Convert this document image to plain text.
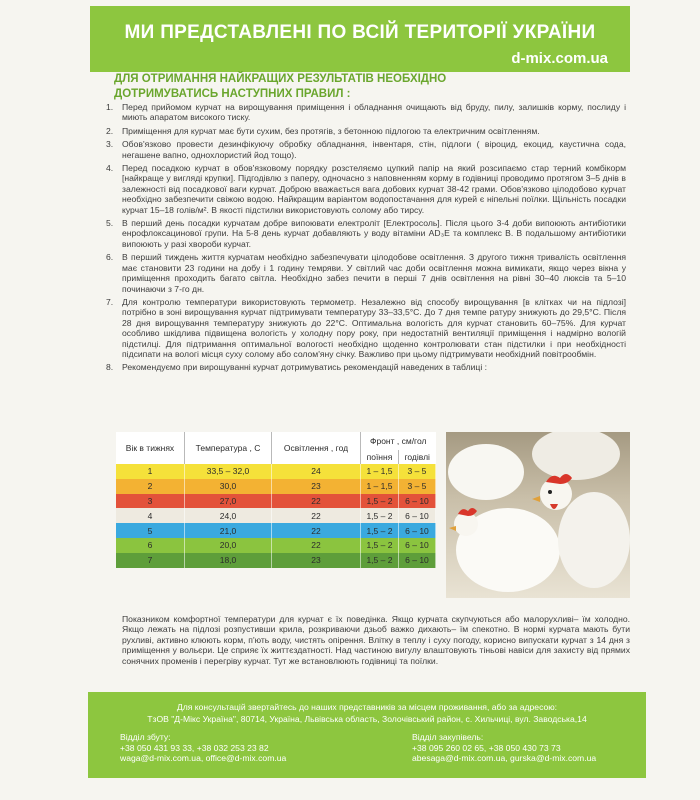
МИ ПРЕДСТАВЛЕНІ ПО ВСІЙ ТЕРИТОРІЇ УКРАЇНИ
d-mix.com.ua
ДЛЯ ОТРИМАННЯ НАЙКРАЩИХ РЕЗУЛЬТАТІВ НЕОБХІДНО
ДОТРИМУВАТИСЬ НАСТУПНИХ ПРАВИЛ :
1. Перед прийомом курчат на вирощування приміщення і обладнання очищають від бруду, пилу, залишків корму, послиду і миють апаратом високого тиску.
2. Приміщення для курчат має бути сухим, без протягів, з бетонною підлогою та електричним освітленням.
3. Обов'язково провести дезинфікуючу обробку обладнання, інвентаря, стін, підлоги ( віроцид, екоцид, каустична сода, негашене вапно, однохлористий йод тощо).
4. Перед посадкою курчат в обов'язковому порядку розстеляємо цупкий папір на який розсипаємо стар терний комбікорм [найкраще у вигляді крупки]. Підгодівлю з паперу, одночасно з наповненням корму в годівниці проводимо протягом 3–5 днів в залежності від посадкової ваги курчат. Доброю вважається вага добових курчат 38-42 грами. Обов'язково цілодобово курчат необхідно забезпечити свіжою водою. Найкращим варіантом водопостачання для курей є ніпельні поїлки. Щільність посадки курчат 15–18 голів/м². В якості підстилки використовують солому або тирсу.
5. В перший день посадки курчатам добре випоювати електроліт [Електросоль]. Після цього 3-4 доби випоюють антибіотики енрофлоксацинової групи. На 5-8 день курчат добавляють у воду вітаміни AD₃E та комплекс B. В подальшому антибіотики випоюють у разі хвороби курчат.
6. В перший тиждень життя курчатам необхідно забезпечувати цілодобове освітлення. З другого тижня тривалість освітлення має становити 23 години на добу і 1 годину темряви. У світлий час доби освітлення можна вимикати, якщо через вікна у приміщення проходить багато світла. Необхідно забез печити в перші 7 днів освітлення на рівні 30–40 люксів та 5–10 починаючи з 7-го дн.
7. Для контролю температури використовують термометр. Незалежно від способу вирощування [в клітках чи на підлозі] потрібно в зоні вирощування курчат підтримувати температуру 33–33,5°С. До 7 дня темпе ратуру знижують до 29,5°С. Після 28 дня вирощування температуру знижують до 22°С. Оптимальна вологість для курчат становить 60–75%. Для курчат особливо шкідлива підвищена вологість у холодну пору року, при недостатній вентиляції приміщення і надмірно вологій підстилці. Для підтримання оптимальної вологості необхідно щоденно контролювати стан підстилки і при необхідності підсипати на вологі місця суху солому або солом'яну січку. Важливо при цьому підтримувати необхідний повітрообмін.
8. Рекомендуємо при вирощуванні курчат дотримуватись рекомендацій наведених в таблиці :
Вік в тижнях	Температура , С	Освітлення , год	Фронт , см/гол	
			поїння	годівлі
1	33,5 – 32,0	24	1 – 1,5	3 – 5
2	30,0	23	1 – 1,5	3 – 5
3	27,0	22	1,5 – 2	6 – 10
4	24,0	22	1,5 – 2	6 – 10
5	21,0	22	1,5 – 2	6 – 10
6	20,0	22	1,5 – 2	6 – 10
7	18,0	23	1,5 – 2	6 – 10
Показником комфортної температури для курчат є їх поведінка. Якщо курчата скупчуються або малорухливі– їм холодно. Якщо лежать на підлозі розпустивши крила, розкриваючи дзьоб важко дихають– їм спекотно. В нормі курчата мають бути рухливі, активно клюють корм, п'ють воду, чистять опірення. Влітку в теплу і суху погоду, корисно випускати курчат з 14 дня з приміщення у вольєри. Це сприяє їх життєздатності. Над частиною вигулу влаштовують тіньові навіси для захисту від прямих сонячних променів і перегріву курчат. Тут же встановлюють годівниці та поїлки.
Для консультацій звертайтесь до наших представників за місцем проживання, або за адресою:
ТзОВ "Д-Мікс Україна", 80714, Україна, Львівська область, Золочівський район, с. Хильчиці, вул. Заводська,14
Відділ збуту:
+38 050 431 93 33, +38 032 253 23 82
waga@d-mix.com.ua, office@d-mix.com.ua
Відділ закупівель:
+38 095 260 02 65, +38 050 430 73 73
abesaga@d-mix.com.ua, gurska@d-mix.com.ua
